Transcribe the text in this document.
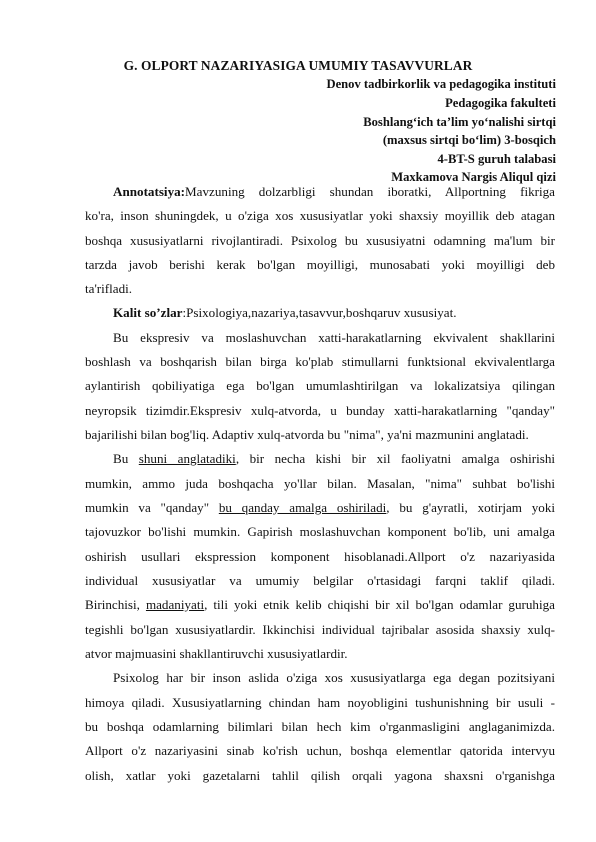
G. OLPORT NAZARIYASIGA UMUMIY TASAVVURLAR
Denov tadbirkorlik va pedagogika instituti
Pedagogika fakulteti
Boshlang‘ich ta’lim yo‘nalishi sirtqi
(maxsus sirtqi bo‘lim) 3-bosqich
4-BT-S guruh talabasi
Maxkamova Nargis Aliqul qizi
Annotatsiya:Mavzuning dolzarbligi shundan iboratki, Allportning fikriga
ko'ra, inson shuningdek, u o'ziga xos xususiyatlar yoki shaxsiy moyillik deb atagan
boshqa xususiyatlarni rivojlantiradi. Psixolog bu xususiyatni odamning ma'lum bir
tarzda javob berishi kerak bo'lgan moyilligi, munosabati yoki moyilligi deb
ta'rifladi.
Kalit so’zlar:Psixologiya,nazariya,tasavvur,boshqaruv xususiyat.
Bu ekspresiv va moslashuvchan xatti-harakatlarning ekvivalent shakllarini
boshlash va boshqarish bilan birga ko'plab stimullarni funktsional ekvivalentlarga
aylantirish qobiliyatiga ega bo'lgan umumlashtirilgan va lokalizatsiya qilingan
neyropsik tizimdir.Ekspresiv xulq-atvorda, u bunday xatti-harakatlarning "qanday"
bajarilishi bilan bog'liq. Adaptiv xulq-atvorda bu "nima", ya'ni mazmunini anglatadi.
Bu shuni anglatadiki, bir necha kishi bir xil faoliyatni amalga oshirishi
mumkin, ammo juda boshqacha yo'llar bilan. Masalan, "nima" suhbat bo'lishi
mumkin va "qanday" bu qanday amalga oshiriladi, bu g'ayratli, xotirjam yoki
tajovuzkor bo'lishi mumkin. Gapirish moslashuvchan komponent bo'lib, uni amalga
oshirish usullari ekspression komponent hisoblanadi.Allport o'z nazariyasida
individual xususiyatlar va umumiy belgilar o'rtasidagi farqni taklif qiladi.
Birinchisi, madaniyati, tili yoki etnik kelib chiqishi bir xil bo'lgan odamlar guruhiga
tegishli bo'lgan xususiyatlardir. Ikkinchisi individual tajribalar asosida shaxsiy xulq-
atvor majmuasini shakllantiruvchi xususiyatlardir.
Psixolog har bir inson aslida o'ziga xos xususiyatlarga ega degan pozitsiyani
himoya qiladi. Xususiyatlarning chindan ham noyobligini tushunishning bir usuli -
bu boshqa odamlarning bilimlari bilan hech kim o'rganmasligini anglaganimizda.
Allport o'z nazariyasini sinab ko'rish uchun, boshqa elementlar qatorida intervyu
olish, xatlar yoki gazetalarni tahlil qilish orqali yagona shaxsni o'rganishga
